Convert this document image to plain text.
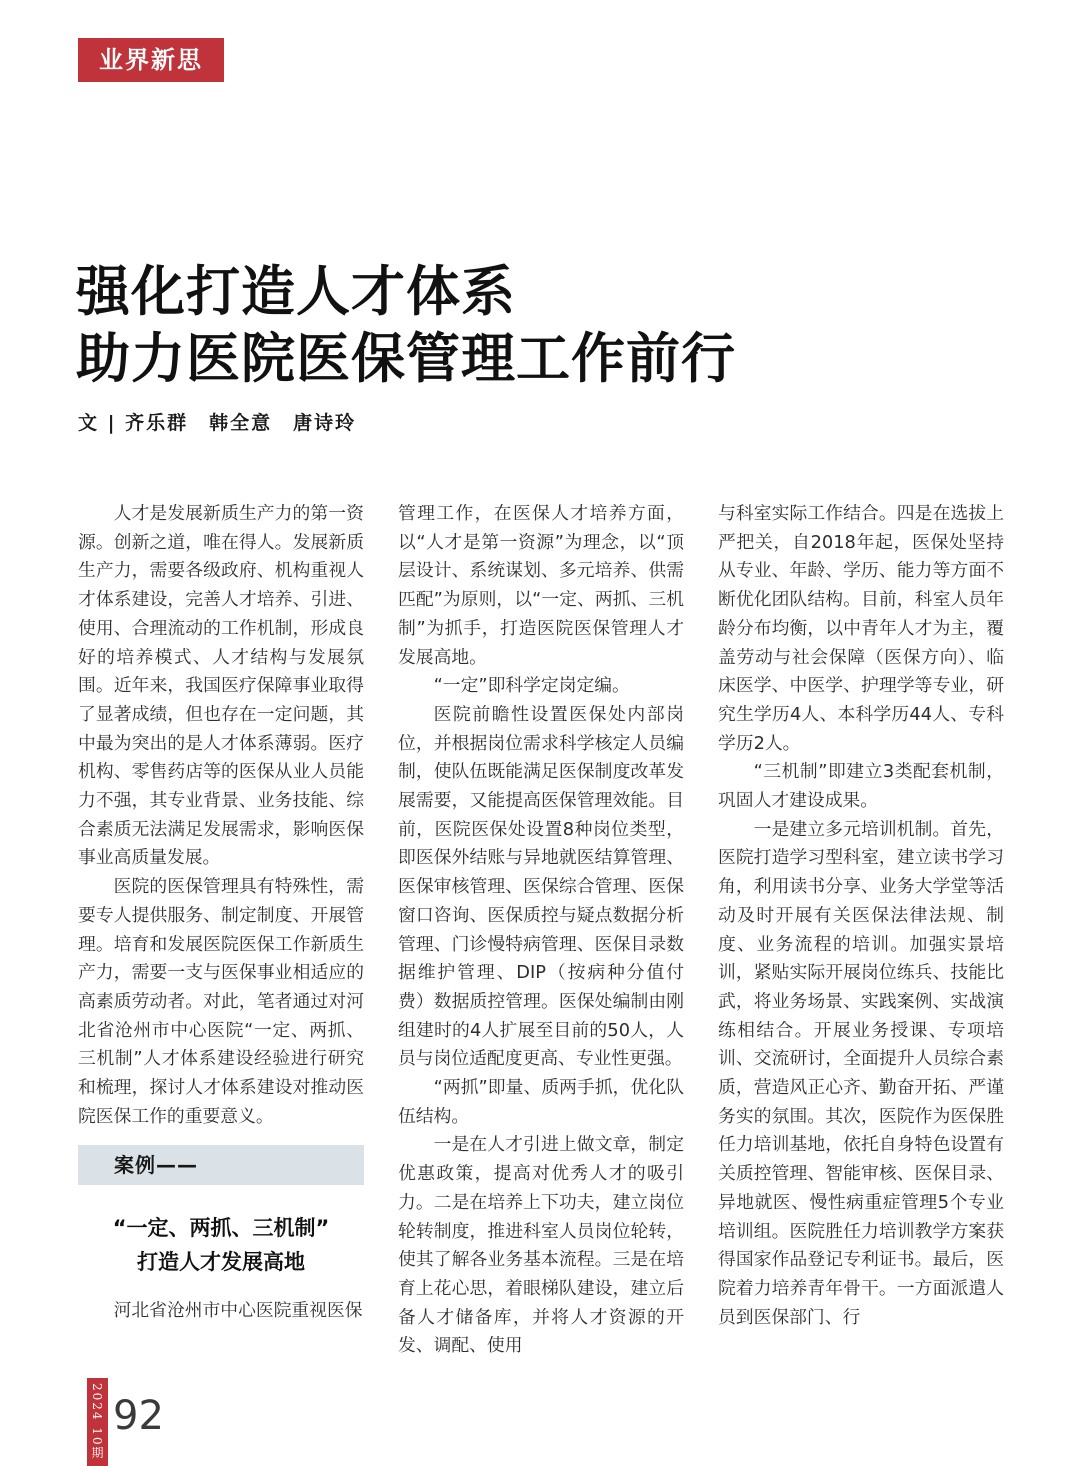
业界新思
强化打造人才体系
助力医院医保管理工作前行
文 | 齐乐群　韩全意　唐诗玲

人才是发展新质生产力的第一资源。创新之道，唯在得人。发展新质生产力，需要各级政府、机构重视人才体系建设，完善人才培养、引进、使用、合理流动的工作机制，形成良好的培养模式、人才结构与发展氛围。近年来，我国医疗保障事业取得了显著成绩，但也存在一定问题，其中最为突出的是人才体系薄弱。医疗机构、零售药店等的医保从业人员能力不强，其专业背景、业务技能、综合素质无法满足发展需求，影响医保事业高质量发展。

医院的医保管理具有特殊性，需要专人提供服务、制定制度、开展管理。培育和发展医院医保工作新质生产力，需要一支与医保事业相适应的高素质劳动者。对此，笔者通过对河北省沧州市中心医院“一定、两抓、三机制”人才体系建设经验进行研究和梳理，探讨人才体系建设对推动医院医保工作的重要意义。

案例——
“一定、两抓、三机制”
打造人才发展高地

河北省沧州市中心医院重视医保

管理工作，在医保人才培养方面，以“人才是第一资源”为理念，以“顶层设计、系统谋划、多元培养、供需匹配”为原则，以“一定、两抓、三机制”为抓手，打造医院医保管理人才发展高地。

“一定”即科学定岗定编。

医院前瞻性设置医保处内部岗位，并根据岗位需求科学核定人员编制，使队伍既能满足医保制度改革发展需要，又能提高医保管理效能。目前，医院医保处设置8种岗位类型，即医保外结账与异地就医结算管理、医保审核管理、医保综合管理、医保窗口咨询、医保质控与疑点数据分析管理、门诊慢特病管理、医保目录数据维护管理、DIP（按病种分值付费）数据质控管理。医保处编制由刚组建时的4人扩展至目前的50人，人员与岗位适配度更高、专业性更强。

“两抓”即量、质两手抓，优化队伍结构。

一是在人才引进上做文章，制定优惠政策，提高对优秀人才的吸引力。二是在培养上下功夫，建立岗位轮转制度，推进科室人员岗位轮转，使其了解各业务基本流程。三是在培育上花心思，着眼梯队建设，建立后备人才储备库，并将人才资源的开发、调配、使用

与科室实际工作结合。四是在选拔上严把关，自2018年起，医保处坚持从专业、年龄、学历、能力等方面不断优化团队结构。目前，科室人员年龄分布均衡，以中青年人才为主，覆盖劳动与社会保障（医保方向）、临床医学、中医学、护理学等专业，研究生学历4人、本科学历44人、专科学历2人。

“三机制”即建立3类配套机制，巩固人才建设成果。

一是建立多元培训机制。首先，医院打造学习型科室，建立读书学习角，利用读书分享、业务大学堂等活动及时开展有关医保法律法规、制度、业务流程的培训。加强实景培训，紧贴实际开展岗位练兵、技能比武，将业务场景、实践案例、实战演练相结合。开展业务授课、专项培训、交流研讨，全面提升人员综合素质，营造风正心齐、勤奋开拓、严谨务实的氛围。其次，医院作为医保胜任力培训基地，依托自身特色设置有关质控管理、智能审核、医保目录、异地就医、慢性病重症管理5个专业培训组。医院胜任力培训教学方案获得国家作品登记专利证书。最后，医院着力培养青年骨干。一方面派遣人员到医保部门、行

2024 10期 92
